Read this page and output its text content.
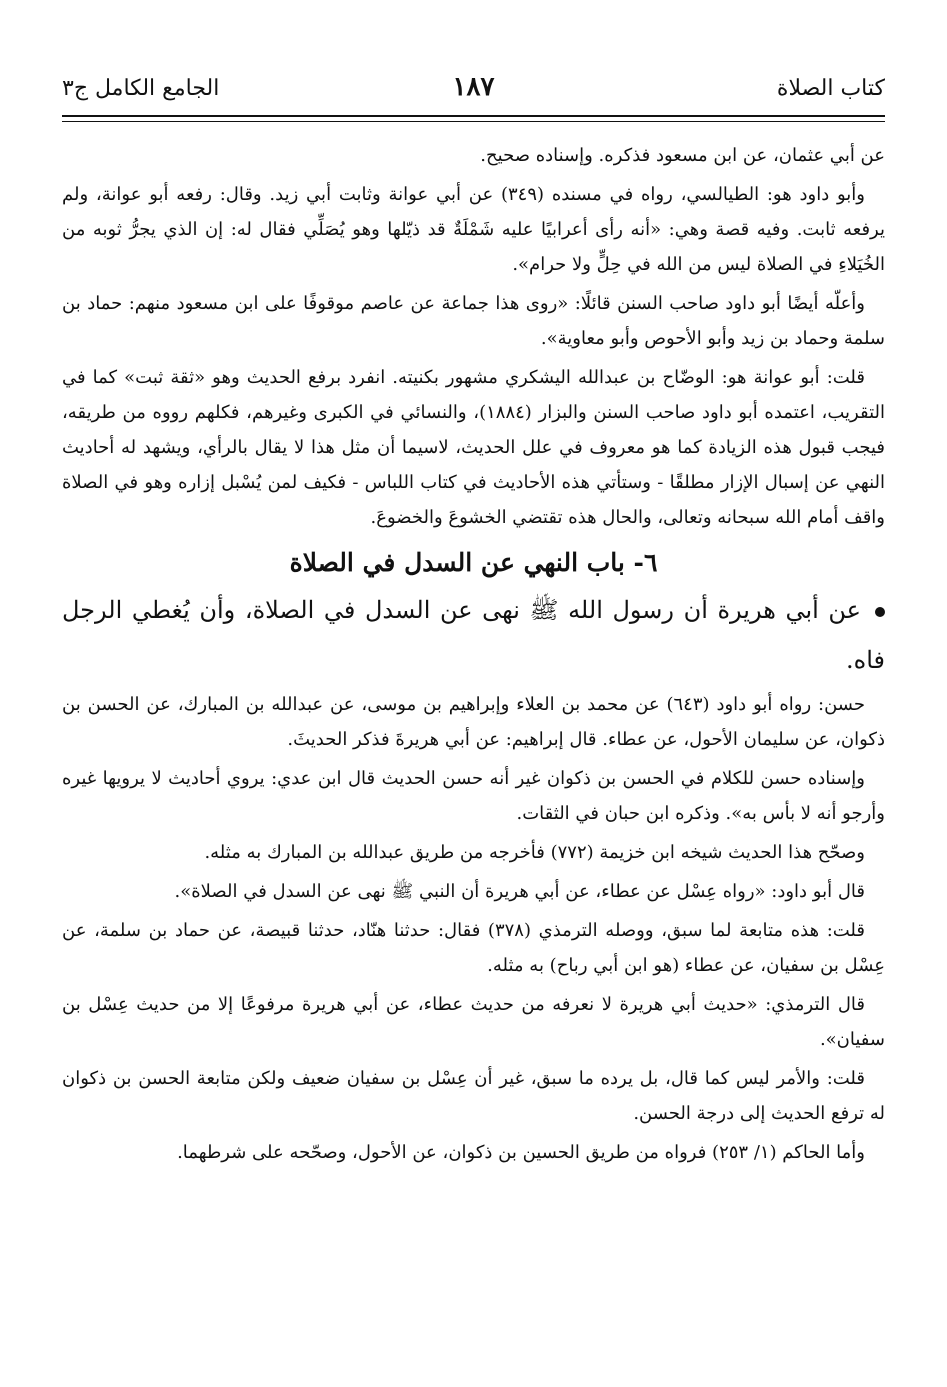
كتاب الصلاة
١٨٧
الجامع الكامل ج٣

عن أبي عثمان، عن ابن مسعود فذكره. وإسناده صحيح.

وأبو داود هو: الطيالسي، رواه في مسنده (٣٤٩) عن أبي عوانة وثابت أبي زيد. وقال: رفعه أبو عوانة، ولم يرفعه ثابت. وفيه قصة وهي: «أنه رأى أعرابيًا عليه شَمْلَةٌ قد ذيّلها وهو يُصَلِّي فقال له: إن الذي يجرُّ ثوبه من الخُيَلاءِ في الصلاة ليس من الله في حِلٍّ ولا حرام».

وأعلّه أيضًا أبو داود صاحب السنن قائلًا: «روى هذا جماعة عن عاصم موقوفًا على ابن مسعود منهم: حماد بن سلمة وحماد بن زيد وأبو الأحوص وأبو معاوية».

قلت: أبو عوانة هو: الوضّاح بن عبدالله اليشكري مشهور بكنيته. انفرد برفع الحديث وهو «ثقة ثبت» كما في التقريب، اعتمده أبو داود صاحب السنن والبزار (١٨٨٤)، والنسائي في الكبرى وغيرهم، فكلهم رووه من طريقه، فيجب قبول هذه الزيادة كما هو معروف في علل الحديث، لاسيما أن مثل هذا لا يقال بالرأي، ويشهد له أحاديث النهي عن إسبال الإزار مطلقًا - وستأتي هذه الأحاديث في كتاب اللباس - فكيف لمن يُسْبل إزاره وهو في الصلاة واقف أمام الله سبحانه وتعالى، والحال هذه تقتضي الخشوعَ والخضوعَ.

٦- باب النهي عن السدل في الصلاة

عن أبي هريرة أن رسول الله ﷺ نهى عن السدل في الصلاة، وأن يُغطي الرجل فاه.

حسن: رواه أبو داود (٦٤٣) عن محمد بن العلاء وإبراهيم بن موسى، عن عبدالله بن المبارك، عن الحسن بن ذكوان، عن سليمان الأحول، عن عطاء. قال إبراهيم: عن أبي هريرةَ فذكر الحديثَ.

وإسناده حسن للكلام في الحسن بن ذكوان غير أنه حسن الحديث قال ابن عدي: يروي أحاديث لا يرويها غيره وأرجو أنه لا بأس به». وذكره ابن حبان في الثقات.

وصحّح هذا الحديث شيخه ابن خزيمة (٧٧٢) فأخرجه من طريق عبدالله بن المبارك به مثله.

قال أبو داود: «رواه عِسْل عن عطاء، عن أبي هريرة أن النبي ﷺ نهى عن السدل في الصلاة».

قلت: هذه متابعة لما سبق، ووصله الترمذي (٣٧٨) فقال: حدثنا هنّاد، حدثنا قبيصة، عن حماد بن سلمة، عن عِسْل بن سفيان، عن عطاء (هو ابن أبي رباح) به مثله.

قال الترمذي: «حديث أبي هريرة لا نعرفه من حديث عطاء، عن أبي هريرة مرفوعًا إلا من حديث عِسْل بن سفيان».

قلت: والأمر ليس كما قال، بل يرده ما سبق، غير أن عِسْل بن سفيان ضعيف ولكن متابعة الحسن بن ذكوان له ترفع الحديث إلى درجة الحسن.

وأما الحاكم (١/ ٢٥٣) فرواه من طريق الحسين بن ذكوان، عن الأحول، وصحّحه على شرطهما.
